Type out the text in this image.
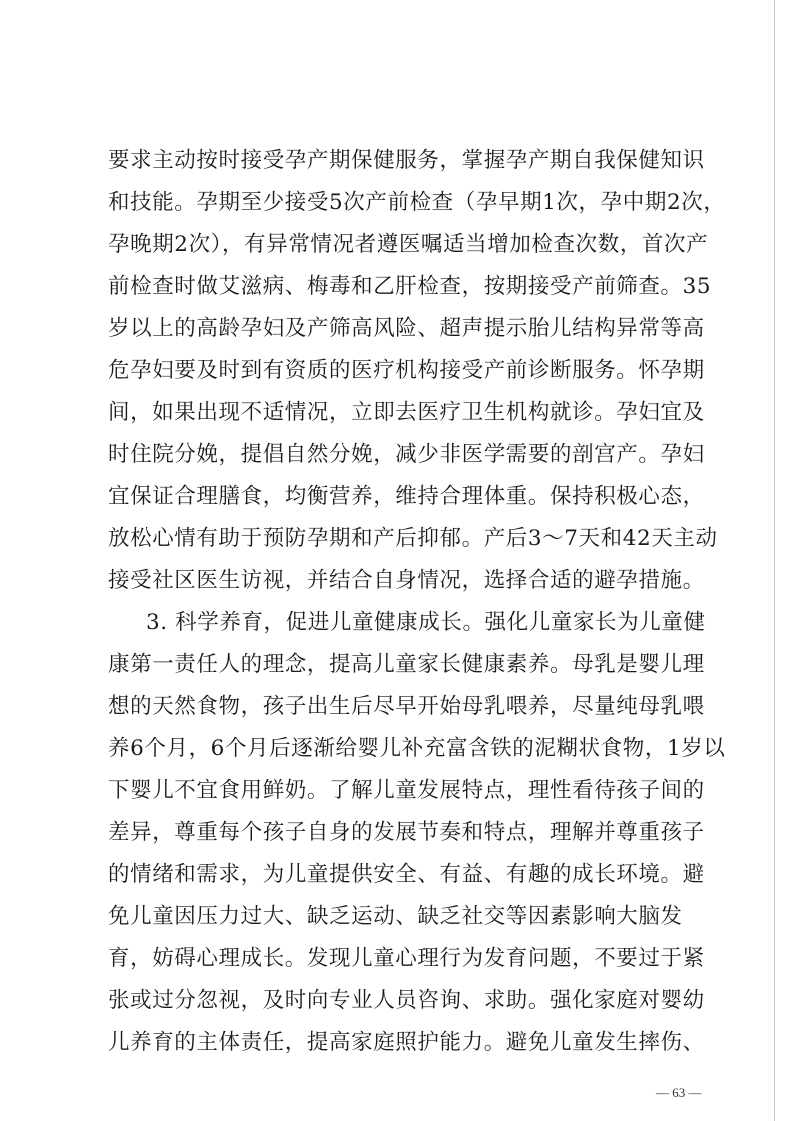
要求主动按时接受孕产期保健服务，掌握孕产期自我保健知识
和技能。孕期至少接受5次产前检查（孕早期1次，孕中期2次，
孕晚期2次），有异常情况者遵医嘱适当增加检查次数，首次产
前检查时做艾滋病、梅毒和乙肝检查，按期接受产前筛查。35
岁以上的高龄孕妇及产筛高风险、超声提示胎儿结构异常等高
危孕妇要及时到有资质的医疗机构接受产前诊断服务。怀孕期
间，如果出现不适情况，立即去医疗卫生机构就诊。孕妇宜及
时住院分娩，提倡自然分娩，减少非医学需要的剖宫产。孕妇
宜保证合理膳食，均衡营养，维持合理体重。保持积极心态，
放松心情有助于预防孕期和产后抑郁。产后3～7天和42天主动
接受社区医生访视，并结合自身情况，选择合适的避孕措施。
3. 科学养育，促进儿童健康成长。强化儿童家长为儿童健
康第一责任人的理念，提高儿童家长健康素养。母乳是婴儿理
想的天然食物，孩子出生后尽早开始母乳喂养，尽量纯母乳喂
养6个月，6个月后逐渐给婴儿补充富含铁的泥糊状食物，1岁以
下婴儿不宜食用鲜奶。了解儿童发展特点，理性看待孩子间的
差异，尊重每个孩子自身的发展节奏和特点，理解并尊重孩子
的情绪和需求，为儿童提供安全、有益、有趣的成长环境。避
免儿童因压力过大、缺乏运动、缺乏社交等因素影响大脑发
育，妨碍心理成长。发现儿童心理行为发育问题，不要过于紧
张或过分忽视，及时向专业人员咨询、求助。强化家庭对婴幼
儿养育的主体责任，提高家庭照护能力。避免儿童发生摔伤、
— 63 —
